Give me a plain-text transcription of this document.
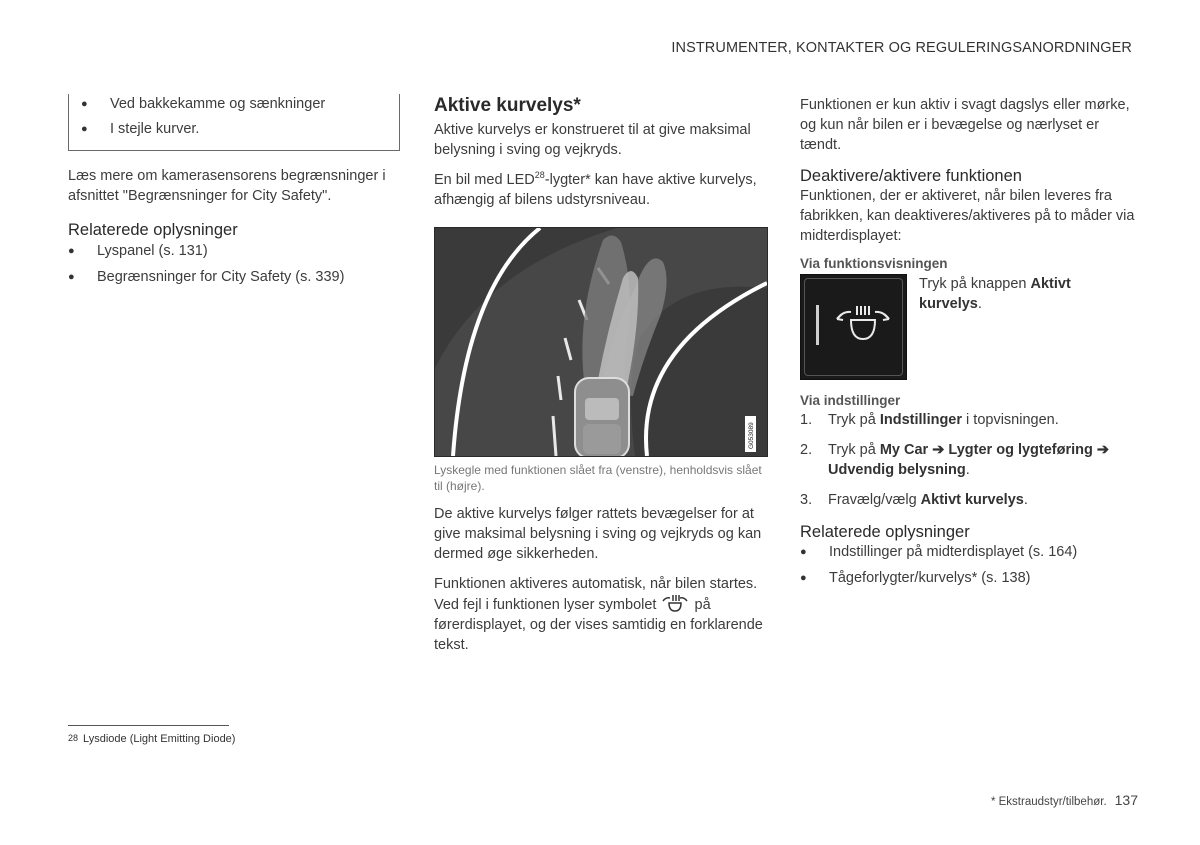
INSTRUMENTER, KONTAKTER OG REGULERINGSANORDNINGER
● Ved bakkekamme og sænkninger
● I stejle kurver.

Læs mere om kamerasensorens begrænsninger i afsnittet "Begrænsninger for City Safety".

Relaterede oplysninger
● Lyspanel (s. 131)
● Begrænsninger for City Safety (s. 339)
Aktive kurvelys*

Aktive kurvelys er konstrueret til at give maksimal belysning i sving og vejkryds.

En bil med LED$^{28}$-lygter* kan have aktive kurvelys, afhængig af bilens udstyrsniveau.

G053089

Lyskegle med funktionen slået fra (venstre), henholdsvis slået til (højre).

De aktive kurvelys følger rattets bevægelser for at give maksimal belysning i sving og vejkryds og kan dermed øge sikkerheden.

Funktionen aktiveres automatisk, når bilen startes. Ved fejl i funktionen lyser symbolet	på førerdisplayet, og der vises samtidig en forklarende tekst.

Funktionen er kun aktiv i svagt dagslys eller mørke, og kun når bilen er i bevægelse og nærlyset er tændt.

Deaktivere/aktivere funktionen

Funktionen, der er aktiveret, når bilen leveres fra fabrikken, kan deaktiveres/aktiveres på to måder via midterdisplayet:

Via funktionsvisningen
Tryk på knappen Aktivt kurvelys.
Via indstillinger
1. Tryk på Indstillinger i topvisningen.
2. Tryk på My Car ➔ Lygter og lygteføring ➔ Udvendig belysning.
3. Fravælg/vælg Aktivt kurvelys.
Relaterede oplysninger
● Indstillinger på midterdisplayet (s. 164)
● Tågeforlygter/kurvelys* (s. 138)
28 Lysdiode (Light Emitting Diode)
* Ekstraudstyr/tilbehør. 137
